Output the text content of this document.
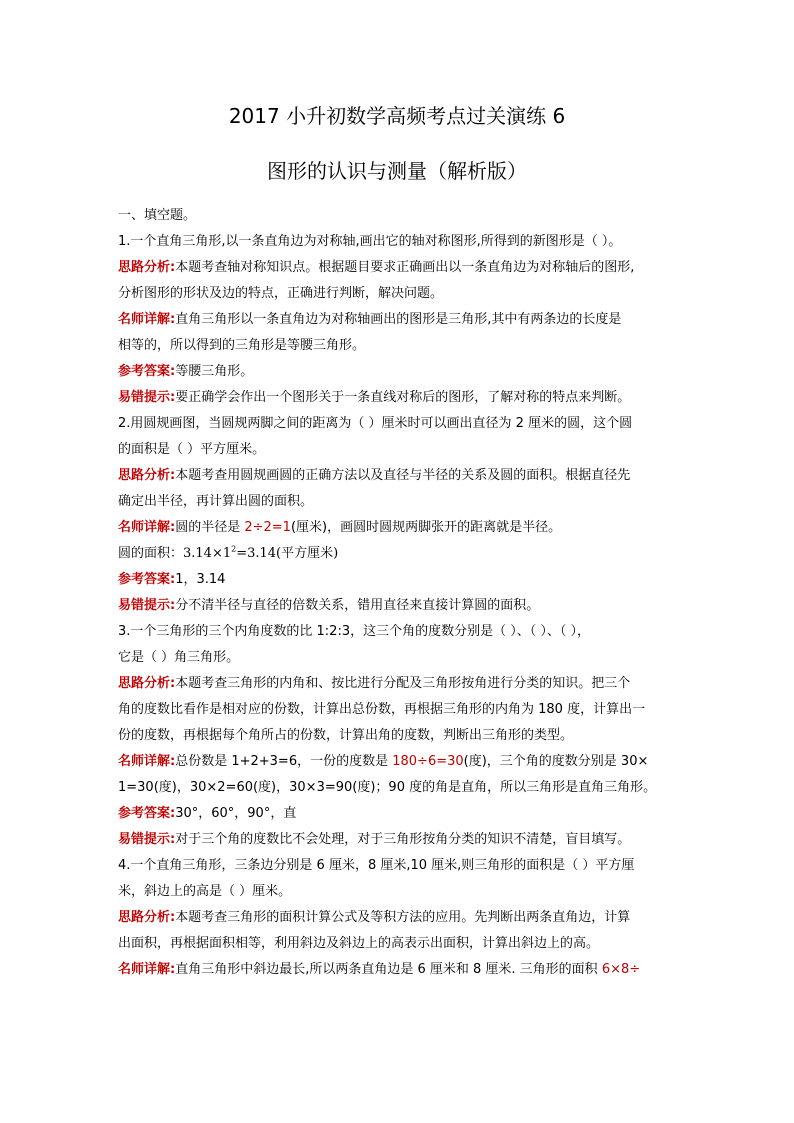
2017 小升初数学高频考点过关演练 6
图形的认识与测量（解析版）
一、填空题。
1.一个直角三角形,以一条直角边为对称轴,画出它的轴对称图形,所得到的新图形是（ ）。
思路分析:本题考查轴对称知识点。根据题目要求正确画出以一条直角边为对称轴后的图形,
分析图形的形状及边的特点，正确进行判断，解决问题。
名师详解:直角三角形以一条直角边为对称轴画出的图形是三角形,其中有两条边的长度是
相等的，所以得到的三角形是等腰三角形。
参考答案:等腰三角形。
易错提示:要正确学会作出一个图形关于一条直线对称后的图形，了解对称的特点来判断。
2.用圆规画图，当圆规两脚之间的距离为（ ）厘米时可以画出直径为 2 厘米的圆，这个圆
的面积是（ ）平方厘米。
思路分析:本题考查用圆规画圆的正确方法以及直径与半径的关系及圆的面积。根据直径先
确定出半径，再计算出圆的面积。
名师详解:圆的半径是 2÷2=1(厘米)，画圆时圆规两脚张开的距离就是半径。
圆的面积：$3.14\times 1^2=3.14$(平方厘米)
参考答案:1，3.14
易错提示:分不清半径与直径的倍数关系，错用直径来直接计算圆的面积。
3.一个三角形的三个内角度数的比 1:2:3，这三个角的度数分别是（ ）、（ ）、（ ），
它是（ ）角三角形。
思路分析:本题考查三角形的内角和、按比进行分配及三角形按角进行分类的知识。把三个
角的度数比看作是相对应的份数，计算出总份数，再根据三角形的内角为 180 度，计算出一
份的度数，再根据每个角所占的份数，计算出角的度数，判断出三角形的类型。
名师详解:总份数是 1+2+3=6，一份的度数是 180÷6=30(度)，三个角的度数分别是 30×
1=30(度)，30×2=60(度)，30×3=90(度)；90 度的角是直角，所以三角形是直角三角形。
参考答案:30°，60°，90°，直
易错提示:对于三个角的度数比不会处理，对于三角形按角分类的知识不清楚，盲目填写。
4.一个直角三角形，三条边分别是 6 厘米，8 厘米,10 厘米,则三角形的面积是（ ）平方厘
米，斜边上的高是（ ）厘米。
思路分析:本题考查三角形的面积计算公式及等积方法的应用。先判断出两条直角边，计算
出面积，再根据面积相等，利用斜边及斜边上的高表示出面积，计算出斜边上的高。
名师详解:直角三角形中斜边最长,所以两条直角边是 6 厘米和 8 厘米. 三角形的面积 6×8÷
